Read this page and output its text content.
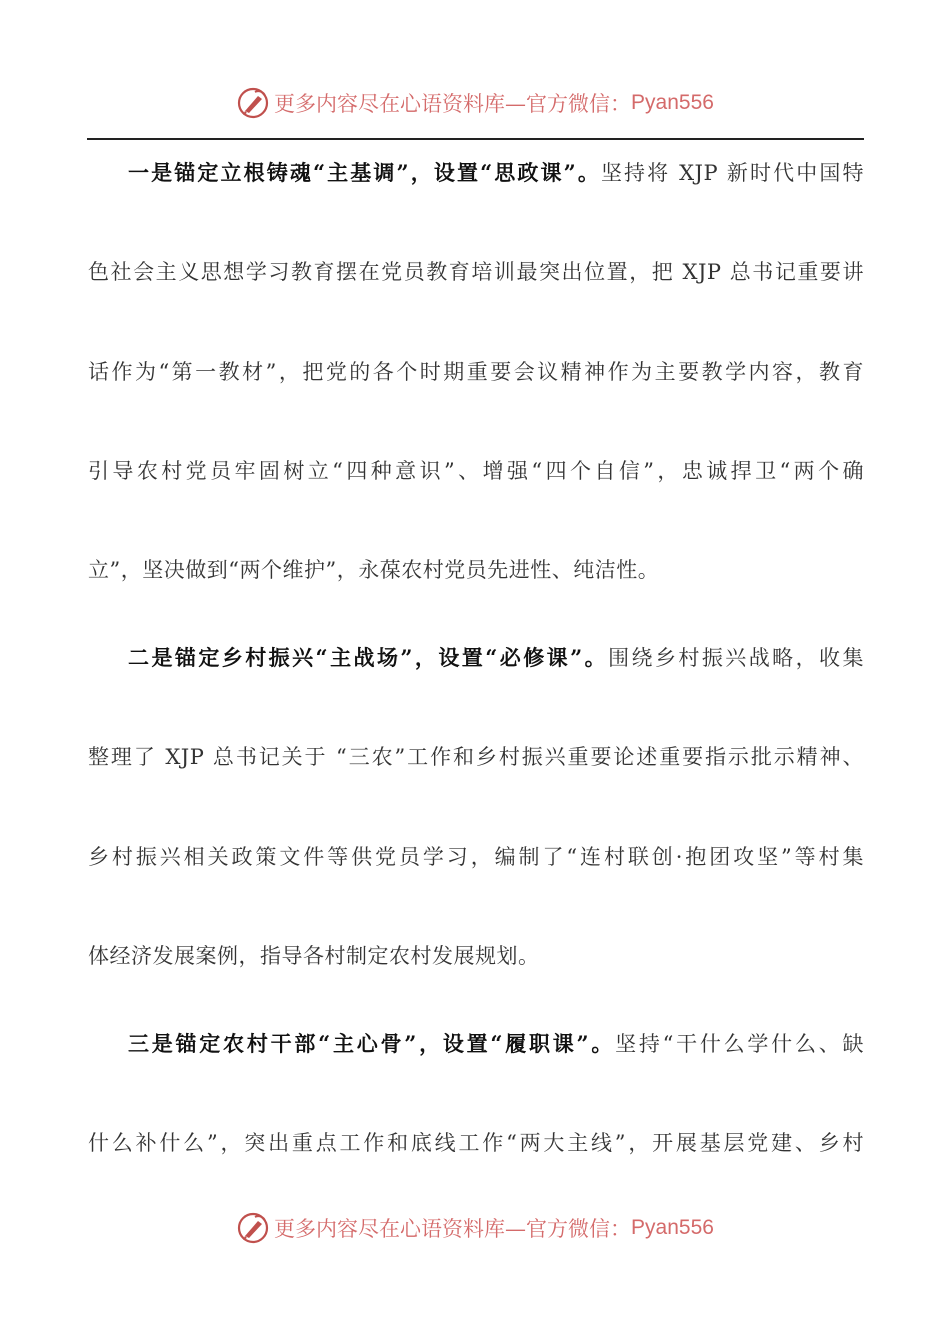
更多内容尽在心语资料库—官方微信： Pyan556
一是锚定立根铸魂“主基调”，设置“思政课”。坚持将 XJP 新时代中国特
色社会主义思想学习教育摆在党员教育培训最突出位置，把 XJP 总书记重要讲
话作为“第一教材”，把党的各个时期重要会议精神作为主要教学内容，教育
引导农村党员牢固树立“四种意识”、增强“四个自信”，忠诚捍卫“两个确
立”，坚决做到“两个维护”，永葆农村党员先进性、纯洁性。
二是锚定乡村振兴“主战场”，设置“必修课”。围绕乡村振兴战略，收集
整理了 XJP 总书记关于 “三农”工作和乡村振兴重要论述重要指示批示精神、
乡村振兴相关政策文件等供党员学习，编制了“连村联创·抱团攻坚”等村集
体经济发展案例，指导各村制定农村发展规划。
三是锚定农村干部“主心骨”，设置“履职课”。坚持“干什么学什么、缺
什么补什么”，突出重点工作和底线工作“两大主线”，开展基层党建、乡村
更多内容尽在心语资料库—官方微信： Pyan556
